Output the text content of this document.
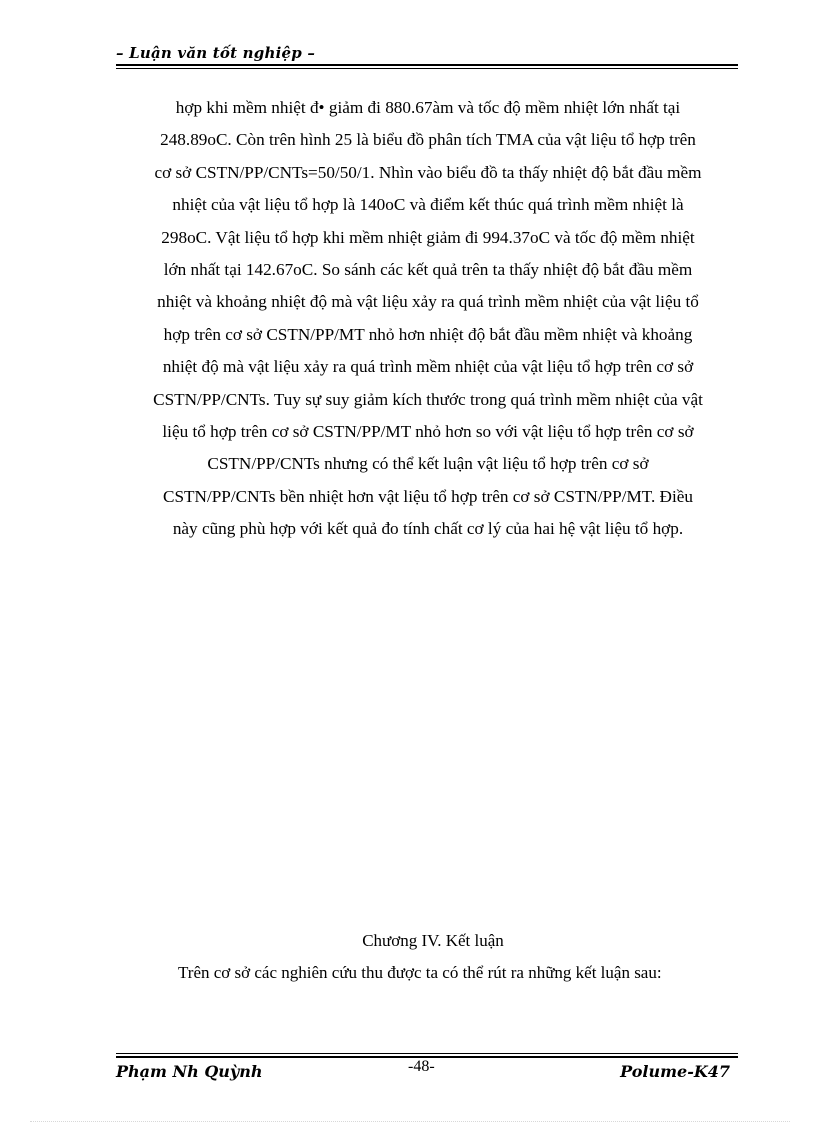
– Luận văn tốt nghiệp –
hợp khi mềm nhiệt đ• giảm đi 880.67àm và tốc độ mềm nhiệt lớn nhất tại
248.89oC. Còn trên hình 25 là biểu đồ phân tích TMA của vật liệu tổ hợp trên
cơ sở CSTN/PP/CNTs=50/50/1. Nhìn vào biểu đồ ta thấy nhiệt độ bắt đầu mềm
nhiệt của vật liệu tổ hợp là 140oC và điểm kết thúc quá trình mềm nhiệt là
298oC. Vật liệu tổ hợp khi mềm nhiệt giảm đi 994.37oC và tốc độ mềm nhiệt
lớn nhất tại 142.67oC. So sánh các kết quả trên ta thấy nhiệt độ bắt đầu mềm
nhiệt và khoảng nhiệt độ mà vật liệu xảy ra quá trình mềm nhiệt của vật liệu tổ
hợp trên cơ sở CSTN/PP/MT nhỏ hơn nhiệt độ bắt đầu mềm nhiệt và khoảng
nhiệt độ mà vật liệu xảy ra quá trình mềm nhiệt của vật liệu tổ hợp trên cơ sở
CSTN/PP/CNTs. Tuy sự suy giảm kích thước trong quá trình mềm nhiệt của vật
liệu tổ hợp trên cơ sở CSTN/PP/MT nhỏ hơn so với vật liệu tổ hợp trên cơ sở
CSTN/PP/CNTs nhưng có thể kết luận vật liệu tổ hợp trên cơ sở
CSTN/PP/CNTs bền nhiệt hơn vật liệu tổ hợp trên cơ sở CSTN/PP/MT. Điều
này cũng phù hợp với kết quả đo tính chất cơ lý của hai hệ vật liệu tổ hợp.
Chương IV. Kết luận
Trên cơ sở các nghiên cứu thu được ta có thể rút ra những kết luận sau:
Phạm Nh Quỳnh	-48-	Polume-K47
